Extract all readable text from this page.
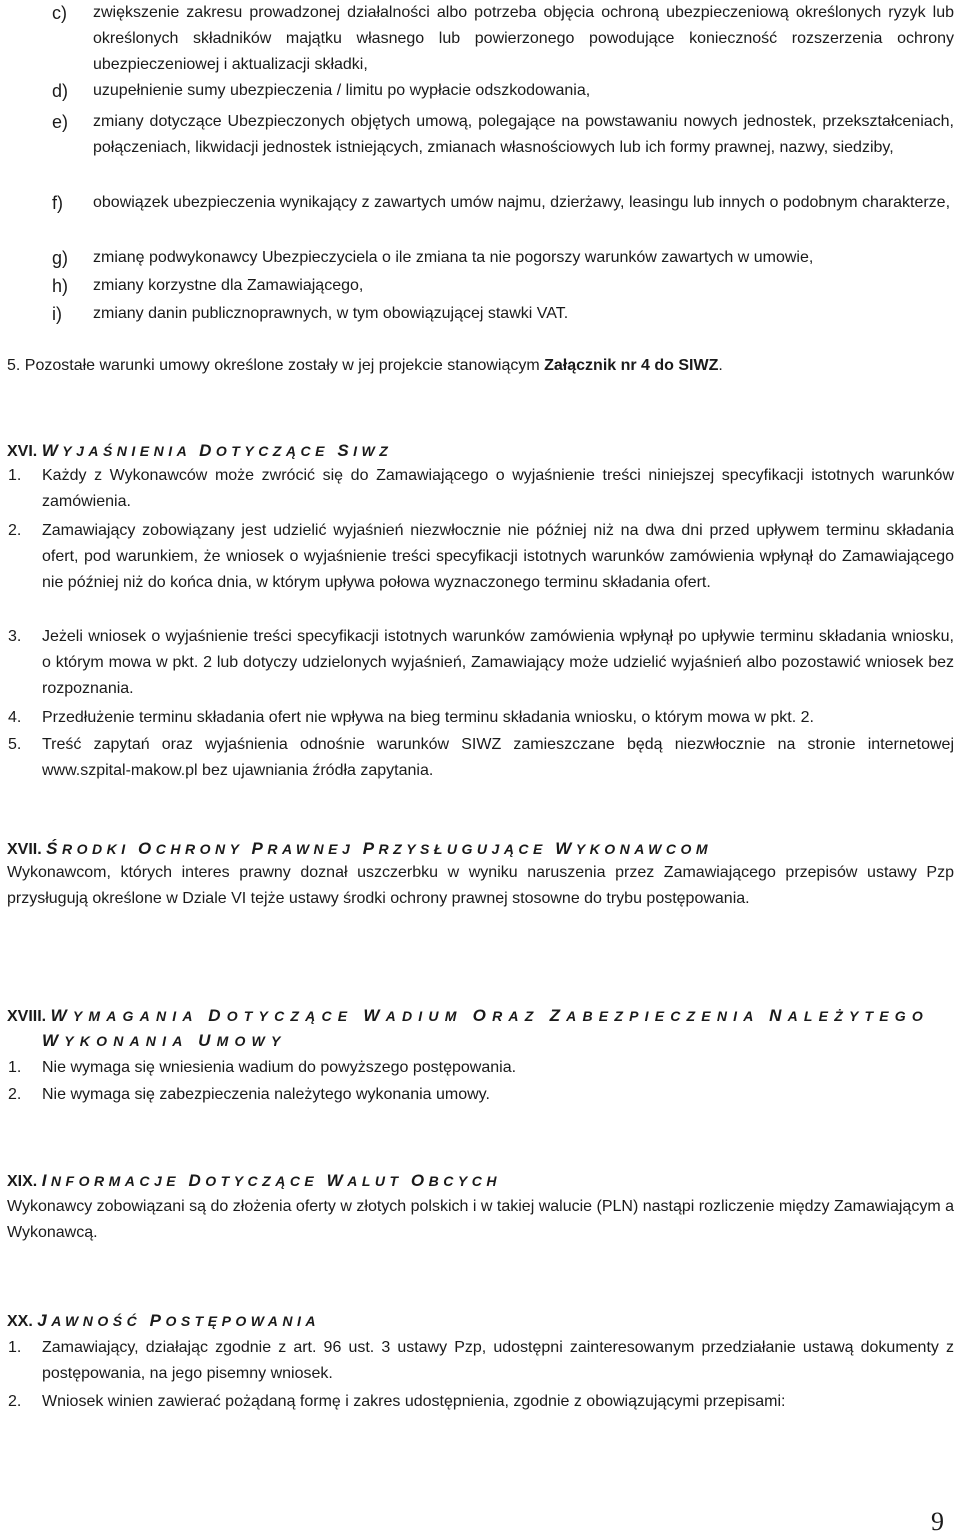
c) zwiększenie zakresu prowadzonej działalności albo potrzeba objęcia ochroną ubezpieczeniową określonych ryzyk lub określonych składników majątku własnego lub powierzonego powodujące konieczność rozszerzenia ochrony ubezpieczeniowej i aktualizacji składki,
d) uzupełnienie sumy ubezpieczenia / limitu po wypłacie odszkodowania,
e) zmiany dotyczące Ubezpieczonych objętych umową, polegające na powstawaniu nowych jednostek, przekształceniach, połączeniach, likwidacji jednostek istniejących, zmianach własnościowych lub ich formy prawnej, nazwy, siedziby,
f) obowiązek ubezpieczenia wynikający z zawartych umów najmu, dzierżawy, leasingu lub innych o podobnym charakterze,
g) zmianę podwykonawcy Ubezpieczyciela o ile zmiana ta nie pogorszy warunków zawartych w umowie,
h) zmiany korzystne dla Zamawiającego,
i) zmiany danin publicznoprawnych, w tym obowiązującej stawki VAT.
5. Pozostałe warunki umowy określone zostały w jej projekcie stanowiącym Załącznik nr 4 do SIWZ.
XVI. WYJAŚNIENIA DOTYCZĄCE SIWZ
1. Każdy z Wykonawców może zwrócić się do Zamawiającego o wyjaśnienie treści niniejszej specyfikacji istotnych warunków zamówienia.
2. Zamawiający zobowiązany jest udzielić wyjaśnień niezwłocznie nie później niż na dwa dni przed upływem terminu składania ofert, pod warunkiem, że wniosek o wyjaśnienie treści specyfikacji istotnych warunków zamówienia wpłynął do Zamawiającego nie później niż do końca dnia, w którym upływa połowa wyznaczonego terminu składania ofert.
3. Jeżeli wniosek o wyjaśnienie treści specyfikacji istotnych warunków zamówienia wpłynął po upływie terminu składania wniosku, o którym mowa w pkt. 2 lub dotyczy udzielonych wyjaśnień, Zamawiający może udzielić wyjaśnień albo pozostawić wniosek bez rozpoznania.
4. Przedłużenie terminu składania ofert nie wpływa na bieg terminu składania wniosku, o którym mowa w pkt. 2.
5. Treść zapytań oraz wyjaśnienia odnośnie warunków SIWZ zamieszczane będą niezwłocznie na stronie internetowej www.szpital-makow.pl bez ujawniania źródła zapytania.
XVII. ŚRODKI OCHRONY PRAWNEJ PRZYSŁUGUJĄCE WYKONAWCOM
Wykonawcom, których interes prawny doznał uszczerbku w wyniku naruszenia przez Zamawiającego przepisów ustawy Pzp przysługują określone w Dziale VI tejże ustawy środki ochrony prawnej stosowne do trybu postępowania.
XVIII. WYMAGANIA DOTYCZĄCE WADIUM ORAZ ZABEZPIECZENIA NALEŻYTEGO
WYKONANIA UMOWY
1. Nie wymaga się wniesienia wadium do powyższego postępowania.
2. Nie wymaga się zabezpieczenia należytego wykonania umowy.
XIX. INFORMACJE DOTYCZĄCE WALUT OBCYCH
Wykonawcy zobowiązani są do złożenia oferty w złotych polskich i w takiej walucie (PLN) nastąpi rozliczenie między Zamawiającym a Wykonawcą.
XX. JAWNOŚĆ POSTĘPOWANIA
1. Zamawiający, działając zgodnie z art. 96 ust. 3 ustawy Pzp, udostępni zainteresowanym przedziałanie ustawą dokumenty z postępowania, na jego pisemny wniosek.
2. Wniosek winien zawierać pożądaną formę i zakres udostępnienia, zgodnie z obowiązującymi przepisami:
9
